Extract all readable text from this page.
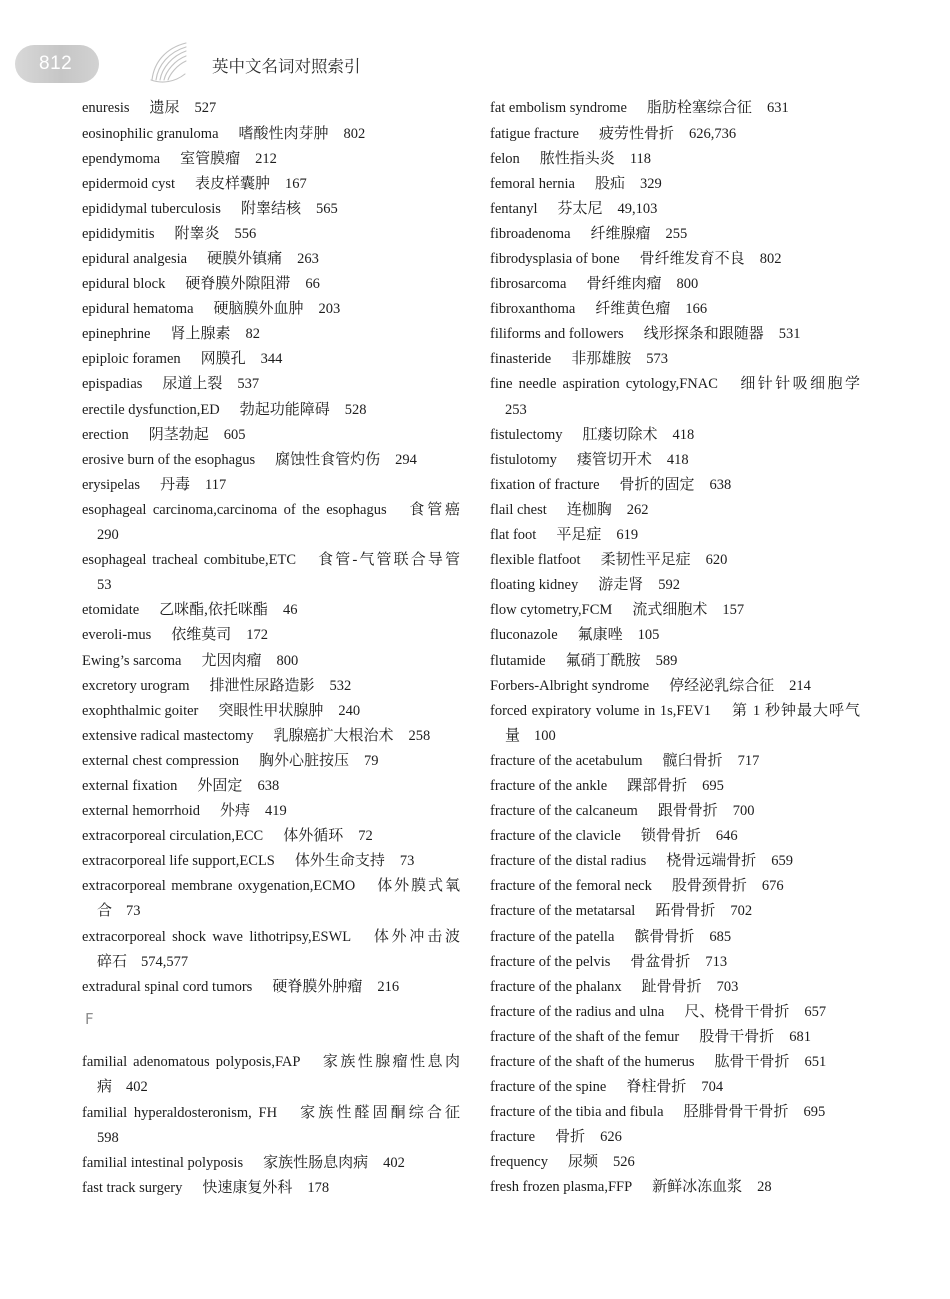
812	英中文名词对照索引
enuresis 遗尿 527
eosinophilic granuloma 嗜酸性肉芽肿 802
ependymoma 室管膜瘤 212
epidermoid cyst 表皮样囊肿 167
epididymal tuberculosis 附睾结核 565
epididymitis 附睾炎 556
epidural analgesia 硬膜外镇痛 263
epidural block 硬脊膜外隙阻滞 66
epidural hematoma 硬脑膜外血肿 203
epinephrine 肾上腺素 82
epiploic foramen 网膜孔 344
epispadias 尿道上裂 537
erectile dysfunction,ED 勃起功能障碍 528
erection 阴茎勃起 605
erosive burn of the esophagus 腐蚀性食管灼伤 294
erysipelas 丹毒 117
esophageal carcinoma,carcinoma of the esophagus 食管癌
290
esophageal tracheal combitube,ETC 食管-气管联合导管
53
etomidate 乙咪酯,依托咪酯 46
everoli-mus 依维莫司 172
Ewing’s sarcoma 尤因肉瘤 800
excretory urogram 排泄性尿路造影 532
exophthalmic goiter 突眼性甲状腺肿 240
extensive radical mastectomy 乳腺癌扩大根治术 258
external chest compression 胸外心脏按压 79
external fixation 外固定 638
external hemorrhoid 外痔 419
extracorporeal circulation,ECC 体外循环 72
extracorporeal life support,ECLS 体外生命支持 73
extracorporeal membrane oxygenation,ECMO 体外膜式氧
合 73
extracorporeal shock wave lithotripsy,ESWL 体外冲击波
碎石 574,577
extradural spinal cord tumors 硬脊膜外肿瘤 216
F
familial adenomatous polyposis,FAP 家族性腺瘤性息肉
病 402
familial hyperaldosteronism, FH 家族性醛固酮综合征
598
familial intestinal polyposis 家族性肠息肉病 402
fast track surgery 快速康复外科 178
fat embolism syndrome 脂肪栓塞综合征 631
fatigue fracture 疲劳性骨折 626,736
felon 脓性指头炎 118
femoral hernia 股疝 329
fentanyl 芬太尼 49,103
fibroadenoma 纤维腺瘤 255
fibrodysplasia of bone 骨纤维发育不良 802
fibrosarcoma 骨纤维肉瘤 800
fibroxanthoma 纤维黄色瘤 166
filiforms and followers 线形探条和跟随器 531
finasteride 非那雄胺 573
fine needle aspiration cytology,FNAC 细针针吸细胞学
253
fistulectomy 肛瘘切除术 418
fistulotomy 瘘管切开术 418
fixation of fracture 骨折的固定 638
flail chest 连枷胸 262
flat foot 平足症 619
flexible flatfoot 柔韧性平足症 620
floating kidney 游走肾 592
flow cytometry,FCM 流式细胞术 157
fluconazole 氟康唑 105
flutamide 氟硝丁酰胺 589
Forbers-Albright syndrome 停经泌乳综合征 214
forced expiratory volume in 1s,FEV1 第 1 秒钟最大呼气
量 100
fracture of the acetabulum 髋臼骨折 717
fracture of the ankle 踝部骨折 695
fracture of the calcaneum 跟骨骨折 700
fracture of the clavicle 锁骨骨折 646
fracture of the distal radius 桡骨远端骨折 659
fracture of the femoral neck 股骨颈骨折 676
fracture of the metatarsal 跖骨骨折 702
fracture of the patella 髌骨骨折 685
fracture of the pelvis 骨盆骨折 713
fracture of the phalanx 趾骨骨折 703
fracture of the radius and ulna 尺、桡骨干骨折 657
fracture of the shaft of the femur 股骨干骨折 681
fracture of the shaft of the humerus 肱骨干骨折 651
fracture of the spine 脊柱骨折 704
fracture of the tibia and fibula 胫腓骨骨干骨折 695
fracture 骨折 626
frequency 尿频 526
fresh frozen plasma,FFP 新鲜冰冻血浆 28
